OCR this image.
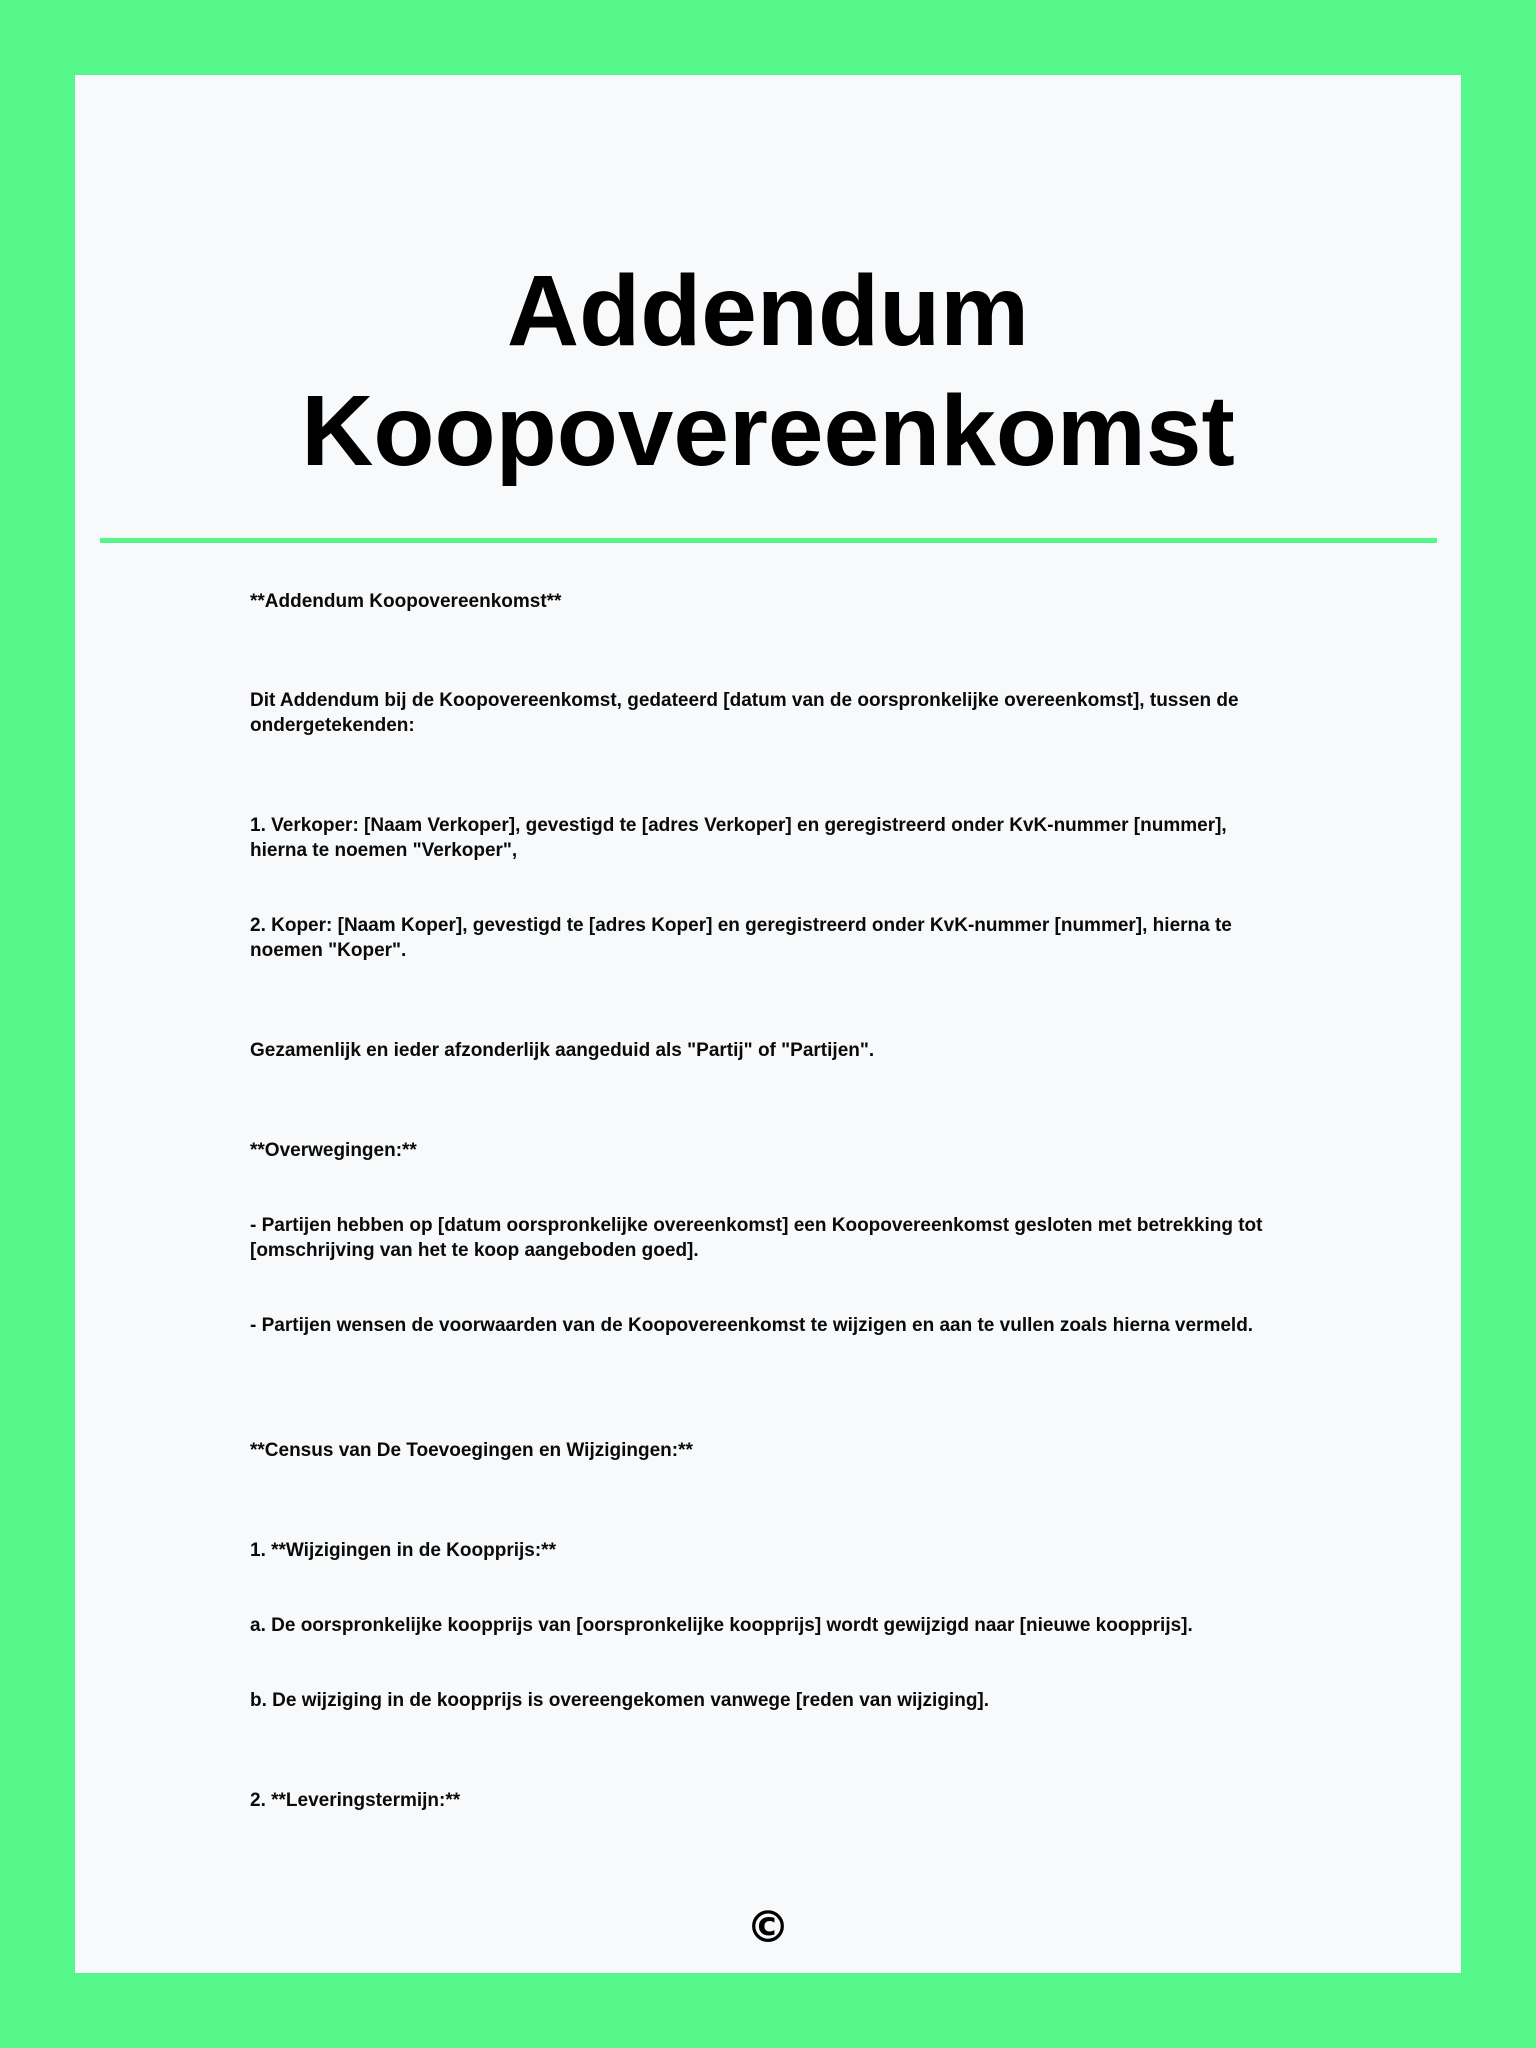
Addendum
Koopovereenkomst

**Addendum Koopovereenkomst**

Dit Addendum bij de Koopovereenkomst, gedateerd [datum van de oorspronkelijke overeenkomst], tussen de ondergetekenden:

1. Verkoper: [Naam Verkoper], gevestigd te [adres Verkoper] en geregistreerd onder KvK-nummer [nummer], hierna te noemen "Verkoper",

2. Koper: [Naam Koper], gevestigd te [adres Koper] en geregistreerd onder KvK-nummer [nummer], hierna te noemen "Koper".

Gezamenlijk en ieder afzonderlijk aangeduid als "Partij" of "Partijen".

**Overwegingen:**

- Partijen hebben op [datum oorspronkelijke overeenkomst] een Koopovereenkomst gesloten met betrekking tot [omschrijving van het te koop aangeboden goed].

- Partijen wensen de voorwaarden van de Koopovereenkomst te wijzigen en aan te vullen zoals hierna vermeld.

**Census van De Toevoegingen en Wijzigingen:**

1. **Wijzigingen in de Koopprijs:**

a. De oorspronkelijke koopprijs van [oorspronkelijke koopprijs] wordt gewijzigd naar [nieuwe koopprijs].

b. De wijziging in de koopprijs is overeengekomen vanwege [reden van wijziging].

2. **Leveringstermijn:**

©
